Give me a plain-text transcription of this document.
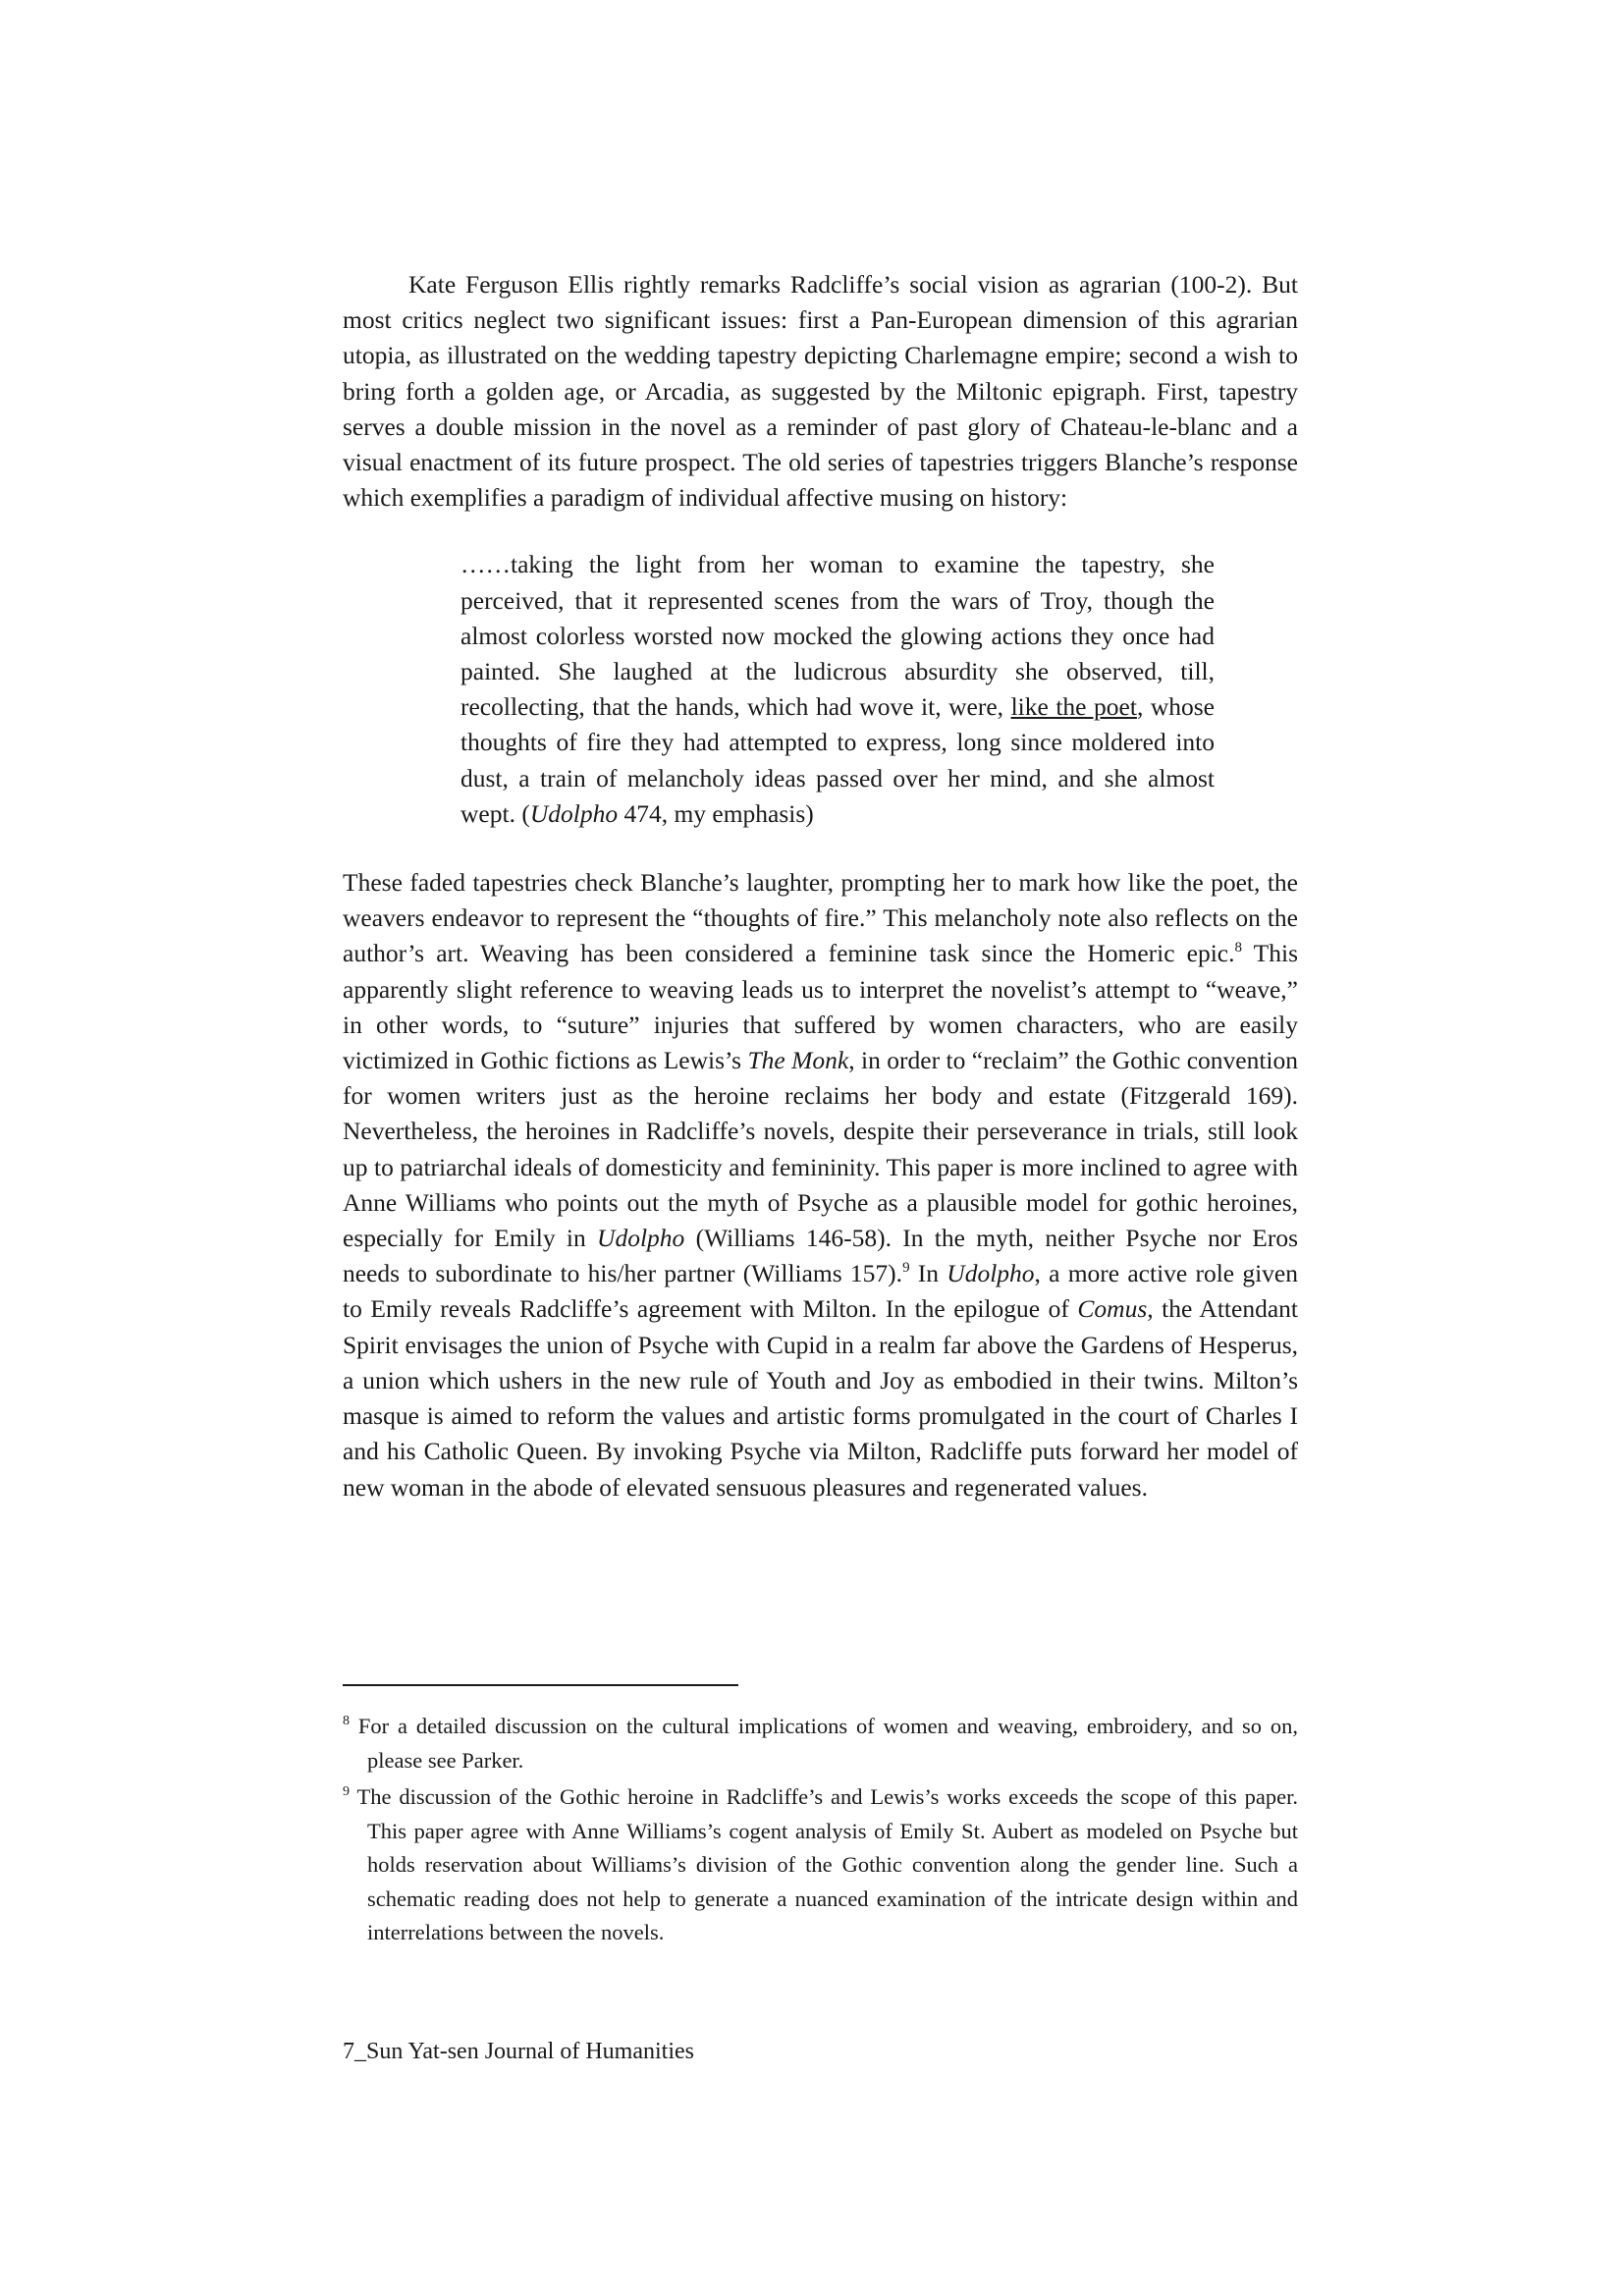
Kate Ferguson Ellis rightly remarks Radcliffe’s social vision as agrarian (100-2). But most critics neglect two significant issues: first a Pan-European dimension of this agrarian utopia, as illustrated on the wedding tapestry depicting Charlemagne empire; second a wish to bring forth a golden age, or Arcadia, as suggested by the Miltonic epigraph. First, tapestry serves a double mission in the novel as a reminder of past glory of Chateau-le-blanc and a visual enactment of its future prospect. The old series of tapestries triggers Blanche’s response which exemplifies a paradigm of individual affective musing on history:

……taking the light from her woman to examine the tapestry, she perceived, that it represented scenes from the wars of Troy, though the almost colorless worsted now mocked the glowing actions they once had painted. She laughed at the ludicrous absurdity she observed, till, recollecting, that the hands, which had wove it, were, like the poet, whose thoughts of fire they had attempted to express, long since moldered into dust, a train of melancholy ideas passed over her mind, and she almost wept. (Udolpho 474, my emphasis)

These faded tapestries check Blanche’s laughter, prompting her to mark how like the poet, the weavers endeavor to represent the “thoughts of fire.” This melancholy note also reflects on the author’s art. Weaving has been considered a feminine task since the Homeric epic.$^8$ This apparently slight reference to weaving leads us to interpret the novelist’s attempt to “weave,” in other words, to “suture” injuries that suffered by women characters, who are easily victimized in Gothic fictions as Lewis’s The Monk, in order to “reclaim” the Gothic convention for women writers just as the heroine reclaims her body and estate (Fitzgerald 169). Nevertheless, the heroines in Radcliffe’s novels, despite their perseverance in trials, still look up to patriarchal ideals of domesticity and femininity. This paper is more inclined to agree with Anne Williams who points out the myth of Psyche as a plausible model for gothic heroines, especially for Emily in Udolpho (Williams 146-58). In the myth, neither Psyche nor Eros needs to subordinate to his/her partner (Williams 157).$^9$ In Udolpho, a more active role given to Emily reveals Radcliffe’s agreement with Milton. In the epilogue of Comus, the Attendant Spirit envisages the union of Psyche with Cupid in a realm far above the Gardens of Hesperus, a union which ushers in the new rule of Youth and Joy as embodied in their twins. Milton’s masque is aimed to reform the values and artistic forms promulgated in the court of Charles I and his Catholic Queen. By invoking Psyche via Milton, Radcliffe puts forward her model of new woman in the abode of elevated sensuous pleasures and regenerated values.

$^8$ For a detailed discussion on the cultural implications of women and weaving, embroidery, and so on, please see Parker.

$^9$ The discussion of the Gothic heroine in Radcliffe’s and Lewis’s works exceeds the scope of this paper. This paper agree with Anne Williams’s cogent analysis of Emily St. Aubert as modeled on Psyche but holds reservation about Williams’s division of the Gothic convention along the gender line. Such a schematic reading does not help to generate a nuanced examination of the intricate design within and interrelations between the novels.

7_Sun Yat-sen Journal of Humanities
